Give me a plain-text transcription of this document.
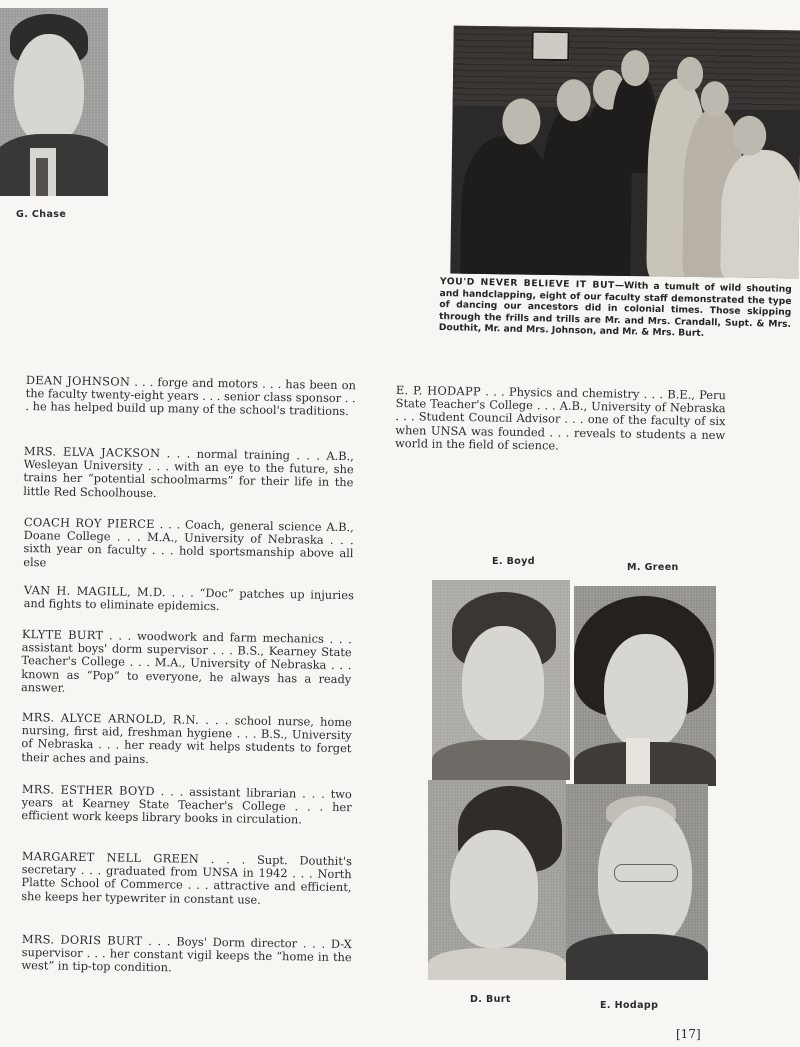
G. Chase
YOU'D NEVER BELIEVE IT BUT—With a tumult of wild shouting and handclapping, eight of our faculty staff demonstrated the type of dancing our ancestors did in colonial times. Those skipping through the frills and trills are Mr. and Mrs. Crandall, Supt. & Mrs. Douthit, Mr. and Mrs. Johnson, and Mr. & Mrs. Burt.
DEAN JOHNSON . . . forge and motors . . . has been on the faculty twenty-eight years . . . senior class sponsor . . . he has helped build up many of the school's traditions.
MRS. ELVA JACKSON . . . normal training . . . A.B., Wesleyan University . . . with an eye to the future, she trains her “potential schoolmarms” for their life in the little Red Schoolhouse.
COACH ROY PIERCE . . . Coach, general science A.B., Doane College . . . M.A., University of Nebraska . . . sixth year on faculty . . . hold sportsmanship above all else
VAN H. MAGILL, M.D. . . . “Doc” patches up injuries and fights to eliminate epidemics.
KLYTE BURT . . . woodwork and farm mechanics . . . assistant boys' dorm supervisor . . . B.S., Kearney State Teacher's College . . . M.A., University of Nebraska . . . known as “Pop” to everyone, he always has a ready answer.
MRS. ALYCE ARNOLD, R.N. . . . school nurse, home nursing, first aid, freshman hygiene . . . B.S., University of Nebraska . . . her ready wit helps students to forget their aches and pains.
MRS. ESTHER BOYD . . . assistant librarian . . . two years at Kearney State Teacher's College . . . her efficient work keeps library books in circulation.
MARGARET NELL GREEN . . . Supt. Douthit's secretary . . . graduated from UNSA in 1942 . . . North Platte School of Commerce . . . attractive and efficient, she keeps her typewriter in constant use.
MRS. DORIS BURT . . . Boys' Dorm director . . . D-X supervisor . . . her constant vigil keeps the “home in the west” in tip-top condition.
E. P. HODAPP . . . Physics and chemistry . . . B.E., Peru State Teacher's College . . . A.B., University of Nebraska . . . Student Council Advisor . . . one of the faculty of six when UNSA was founded . . . reveals to students a new world in the field of science.
E. Boyd
M. Green
D. Burt
E. Hodapp
[17]
